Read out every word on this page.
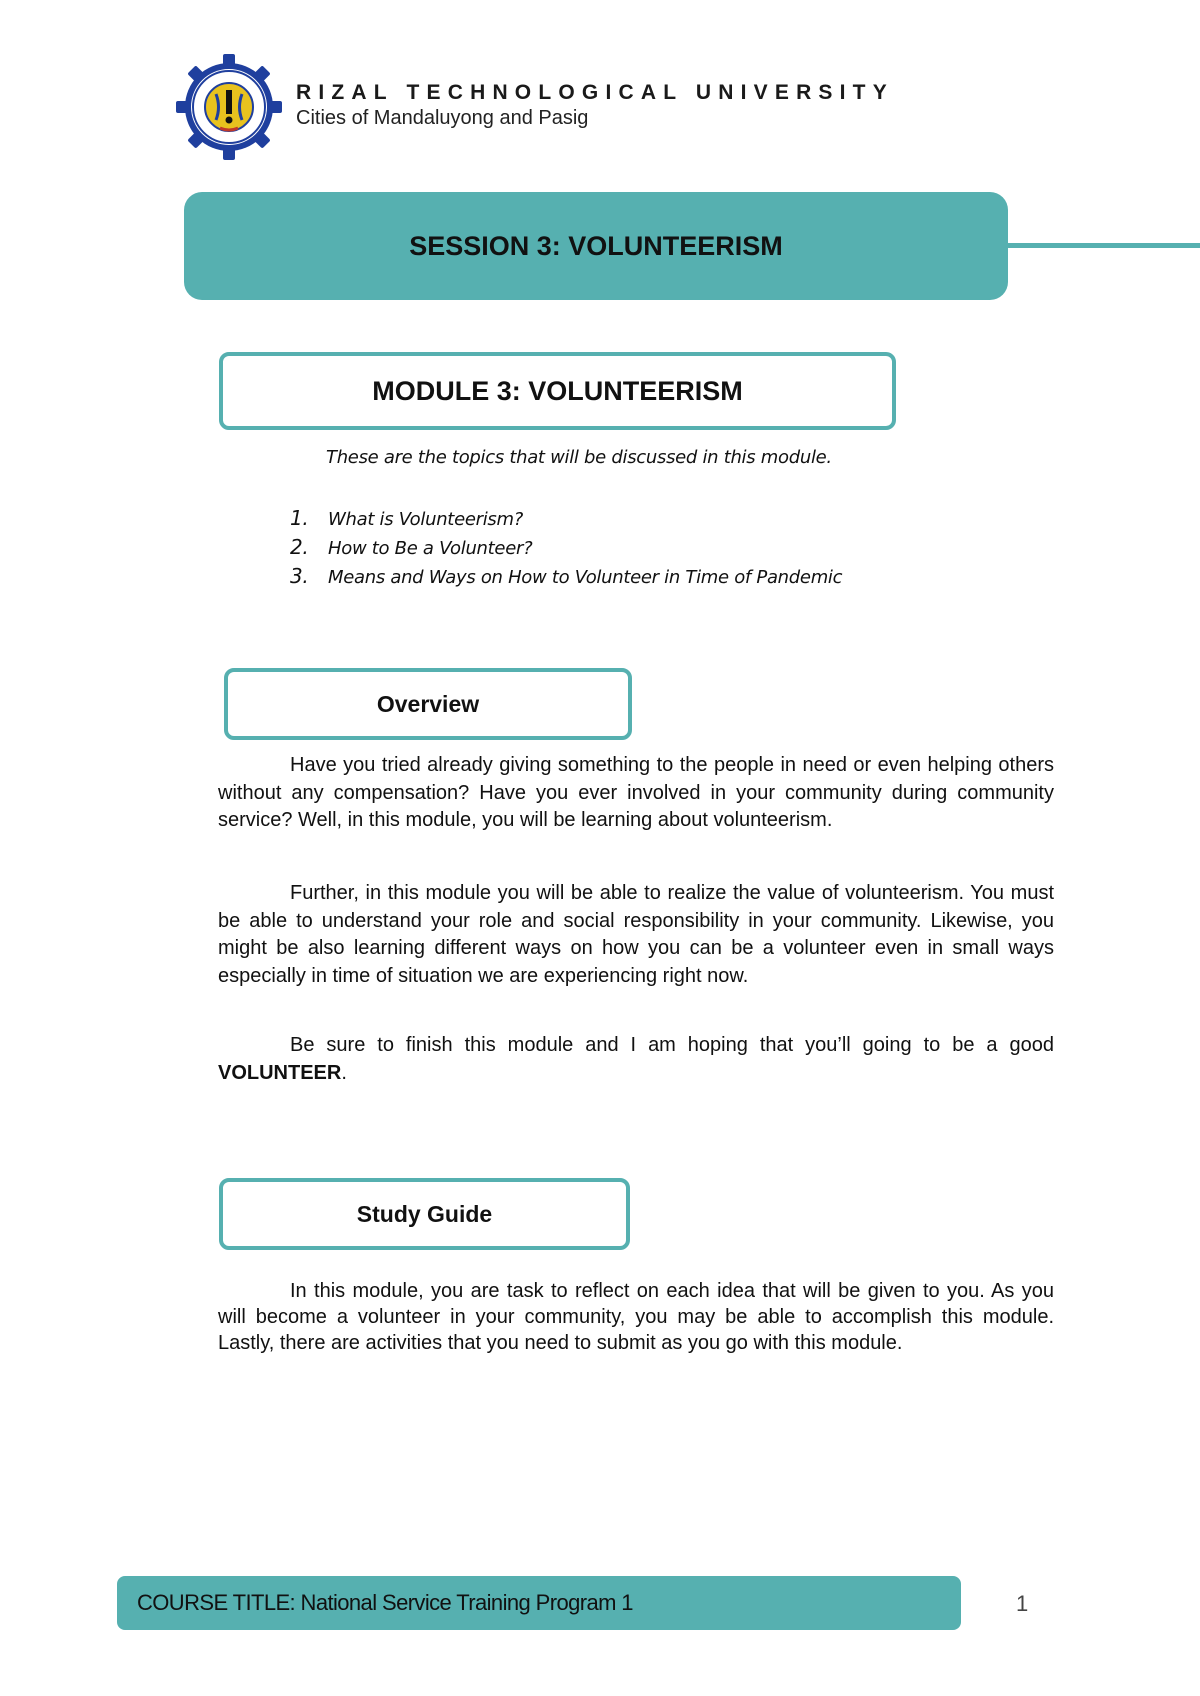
RIZAL TECHNOLOGICAL UNIVERSITY
Cities of Mandaluyong and Pasig
SESSION 3: VOLUNTEERISM
MODULE 3: VOLUNTEERISM
These are the topics that will be discussed in this module.
1. What is Volunteerism?
2. How to Be a Volunteer?
3. Means and Ways on How to Volunteer in Time of Pandemic
Overview

Have you tried already giving something to the people in need or even helping others without any compensation? Have you ever involved in your community during community service? Well, in this module, you will be learning about volunteerism.

Further, in this module you will be able to realize the value of volunteerism. You must be able to understand your role and social responsibility in your community. Likewise, you might be also learning different ways on how you can be a volunteer even in small ways especially in time of situation we are experiencing right now.

Be sure to finish this module and I am hoping that you’ll going to be a good VOLUNTEER.

Study Guide

In this module, you are task to reflect on each idea that will be given to you. As you will become a volunteer in your community, you may be able to accomplish this module. Lastly, there are activities that you need to submit as you go with this module.

COURSE TITLE: National Service Training Program 1	1
